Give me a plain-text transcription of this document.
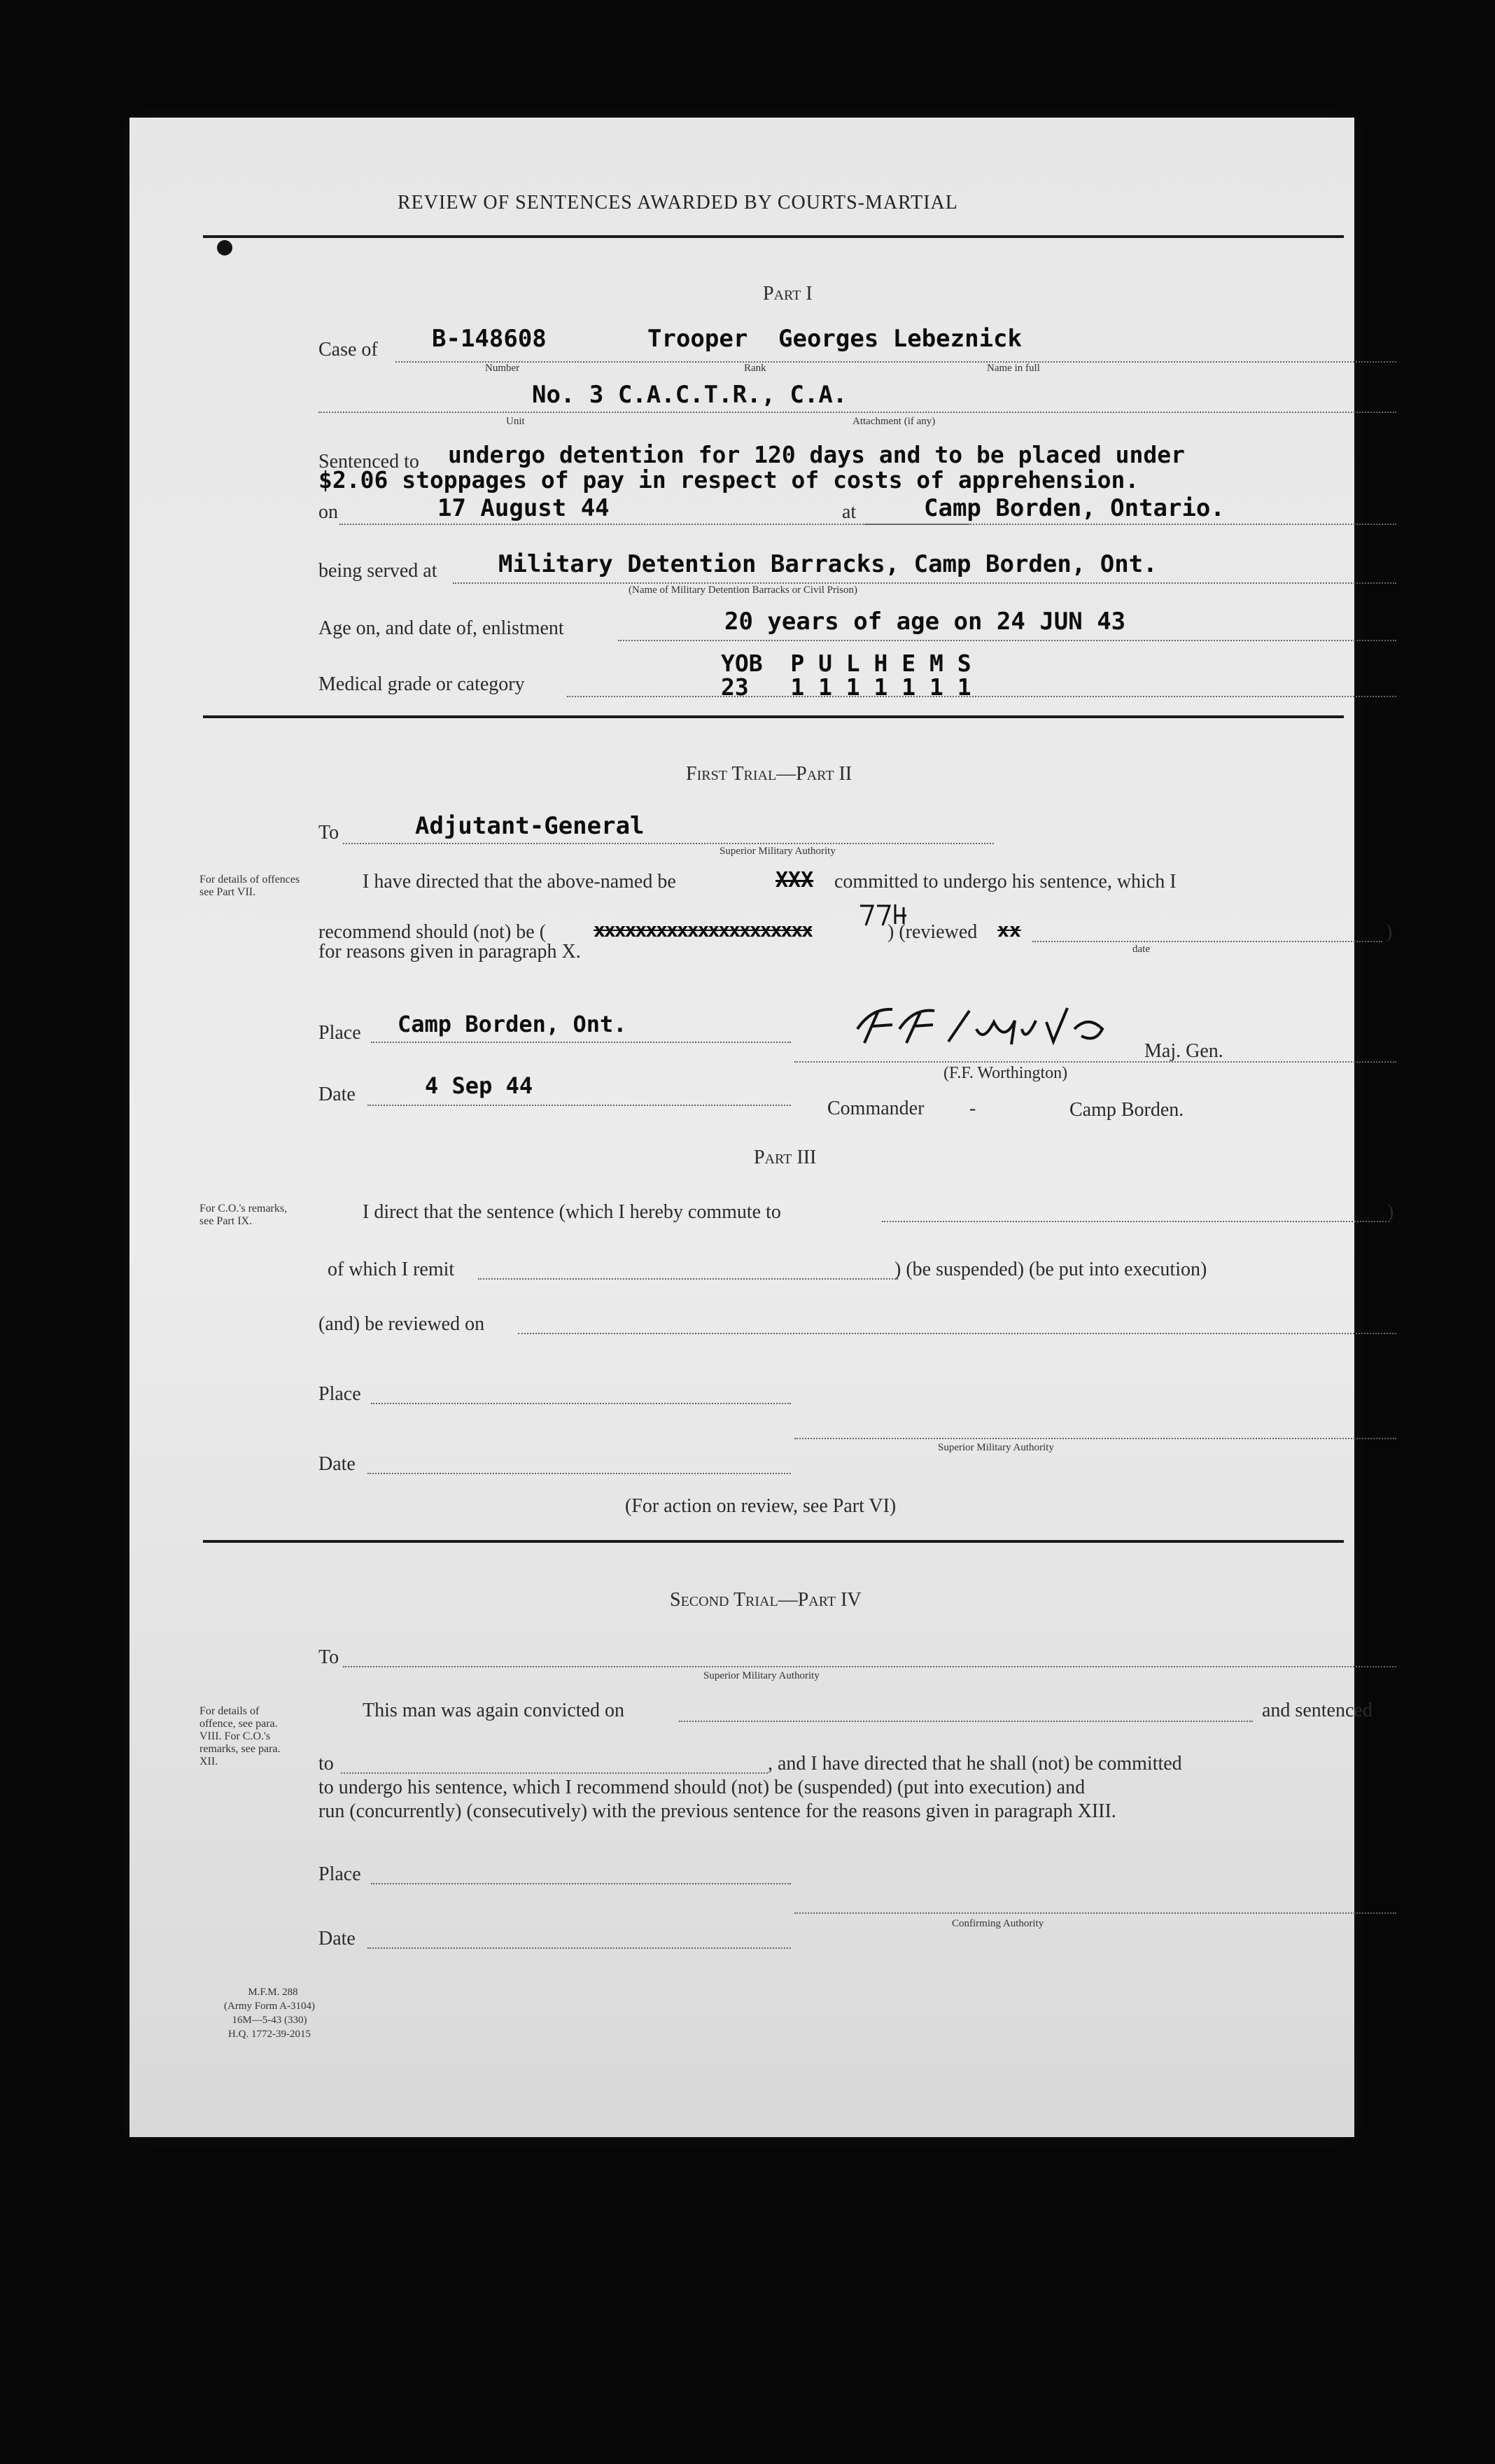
REVIEW OF SENTENCES AWARDED BY COURTS-MARTIAL
Part I
Case of B-148608	Trooper Georges Lebeznick
Number	Rank	Name in full
No. 3 C.A.C.T.R., C.A.
Unit	Attachment (if any)
Sentenced to undergo detention for 120 days and to be placed under
$2.06 stoppages of pay in respect of costs of apprehension.
on	17 August 44	at	Camp Borden, Ontario.
being served at	Military Detention Barracks, Camp Borden, Ont.
(Name of Military Detention Barracks or Civil Prison)
Age on, and date of, enlistment	20 years of age on 24 JUN 43
Medical grade or category
YOB  P U L H E M S
23   1 1 1 1 1 1 1
First Trial—Part II
To	Adjutant-General
Superior Military Authority
For details of offences see Part VII.	I have directed that the above-named be	XXX committed to undergo his sentence, which I
recommend should (not) be ( xxxxxxxxxxxxxxxxxxxxx	) (reviewed xx	)
date
for reasons given in paragraph X.
Place Camp Borden, Ont.
Maj. Gen.
(F.F. Worthington)
Date	4 Sep 44
Commander -	Camp Borden.
Part III
For C.O.'s remarks, see Part IX.	I direct that the sentence (which I hereby commute to	)
of which I remit	) (be suspended) (be put into execution)
(and) be reviewed on
Place
Superior Military Authority
Date
(For action on review, see Part VI)
Second Trial—Part IV
To
Superior Military Authority
For details of offence, see para. VIII. For C.O.'s remarks, see para. XII.
This man was again convicted on	and sentenced
to	, and I have directed that he shall (not) be committed
to undergo his sentence, which I recommend should (not) be (suspended) (put into execution) and
run (concurrently) (consecutively) with the previous sentence for the reasons given in paragraph XIII.
Place
Confirming Authority
Date
M.F.M. 288
(Army Form A-3104)
16M—5-43 (330)
H.Q. 1772-39-2015
